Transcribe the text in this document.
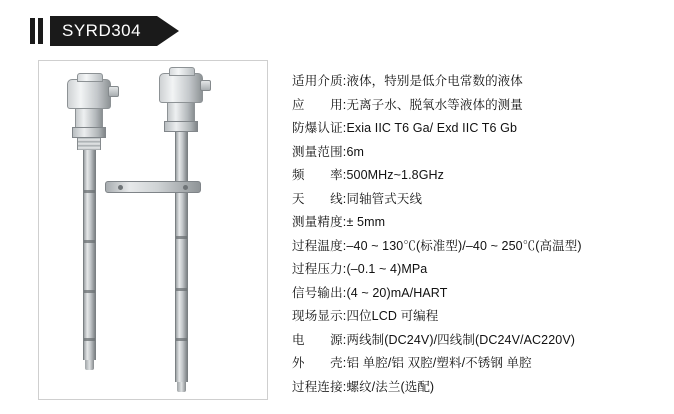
SYRD304
适用介质: 液体，特别是低介电常数的液体
应　　用: 无离子水、脱氧水等液体的测量
防爆认证: Exia IIC T6 Ga/ Exd IIC T6 Gb
测量范围: 6m
频　　率: 500MHz~1.8GHz
天　　线: 同轴管式天线
测量精度: ± 5mm
过程温度: –40 ~ 130℃(标准型)/–40 ~ 250℃(高温型)
过程压力: (–0.1 ~ 4)MPa
信号输出: (4 ~ 20)mA/HART
现场显示: 四位LCD 可编程
电　　源: 两线制(DC24V)/四线制(DC24V/AC220V)
外　　壳: 铝 单腔/铝 双腔/塑料/不锈钢 单腔
过程连接: 螺纹/法兰(选配)
